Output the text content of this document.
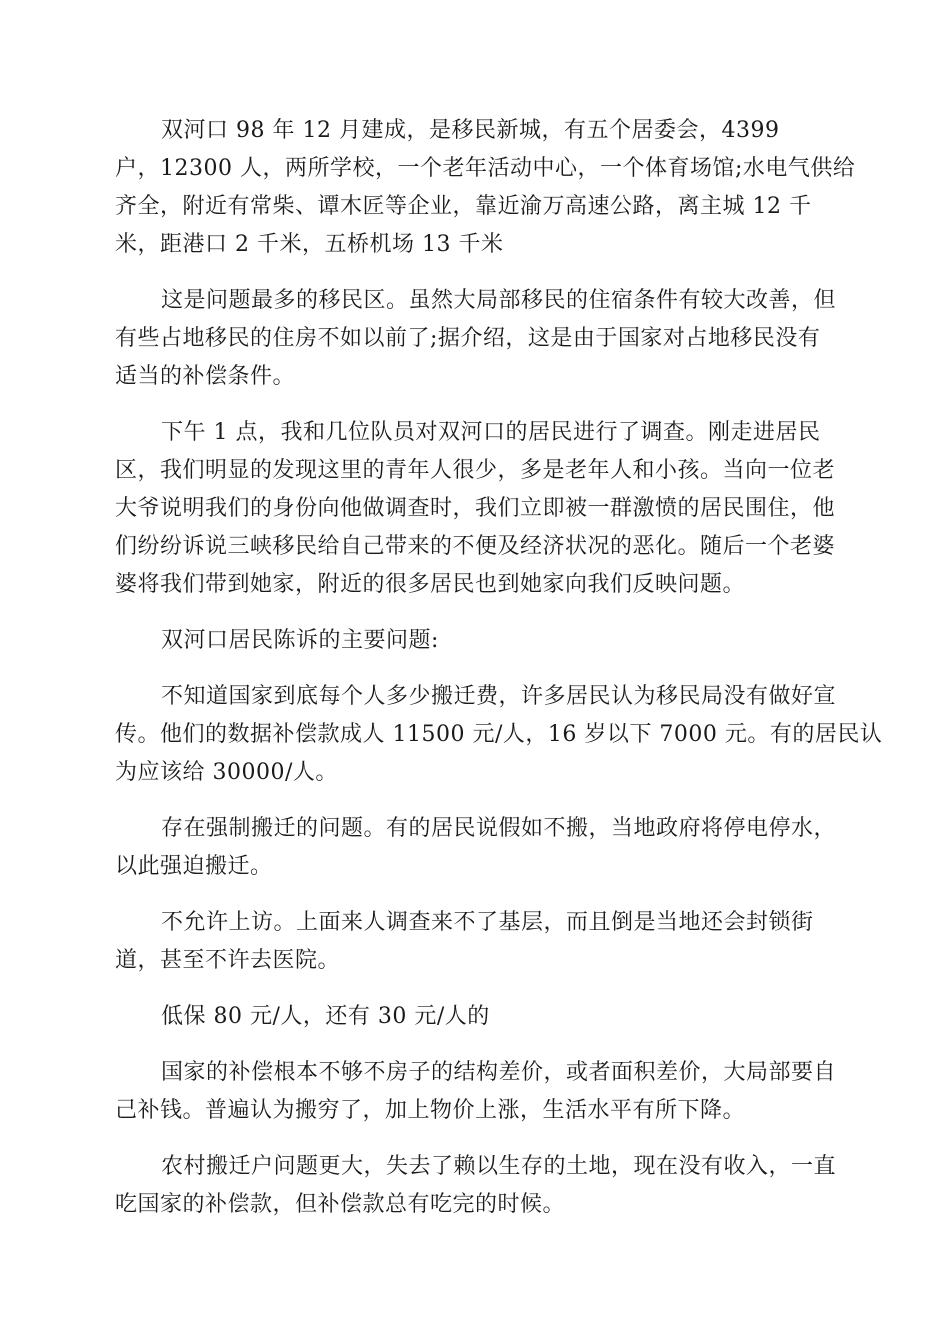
双河口 98 年 12 月建成，是移民新城，有五个居委会，4399
户，12300 人，两所学校，一个老年活动中心，一个体育场馆;水电气供给
齐全，附近有常柴、谭木匠等企业，靠近渝万高速公路，离主城 12 千
米，距港口 2 千米，五桥机场 13 千米
这是问题最多的移民区。虽然大局部移民的住宿条件有较大改善，但
有些占地移民的住房不如以前了;据介绍，这是由于国家对占地移民没有
适当的补偿条件。
下午 1 点，我和几位队员对双河口的居民进行了调查。刚走进居民
区，我们明显的发现这里的青年人很少，多是老年人和小孩。当向一位老
大爷说明我们的身份向他做调查时，我们立即被一群激愤的居民围住，他
们纷纷诉说三峡移民给自己带来的不便及经济状况的恶化。随后一个老婆
婆将我们带到她家，附近的很多居民也到她家向我们反映问题。
双河口居民陈诉的主要问题:
不知道国家到底每个人多少搬迁费，许多居民认为移民局没有做好宣
传。他们的数据补偿款成人 11500 元/人，16 岁以下 7000 元。有的居民认
为应该给 30000/人。
存在强制搬迁的问题。有的居民说假如不搬，当地政府将停电停水，
以此强迫搬迁。
不允许上访。上面来人调查来不了基层，而且倒是当地还会封锁街
道，甚至不许去医院。
低保 80 元/人，还有 30 元/人的
国家的补偿根本不够不房子的结构差价，或者面积差价，大局部要自
己补钱。普遍认为搬穷了，加上物价上涨，生活水平有所下降。
农村搬迁户问题更大，失去了赖以生存的土地，现在没有收入，一直
吃国家的补偿款，但补偿款总有吃完的时候。
